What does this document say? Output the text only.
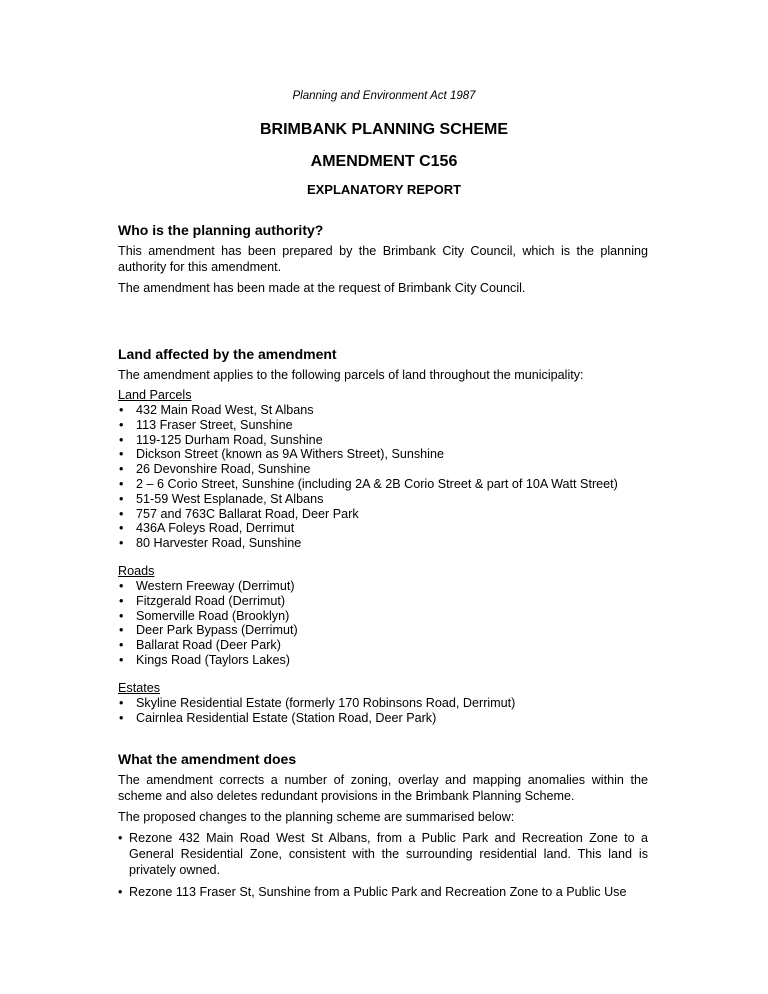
Planning and Environment Act 1987
BRIMBANK PLANNING SCHEME
AMENDMENT C156
EXPLANATORY REPORT
Who is the planning authority?

This amendment has been prepared by the Brimbank City Council, which is the planning authority for this amendment.

The amendment has been made at the request of Brimbank City Council.

Land affected by the amendment

The amendment applies to the following parcels of land throughout the municipality:

Land Parcels

• 432 Main Road West, St Albans
• 113 Fraser Street, Sunshine
• 119-125 Durham Road, Sunshine
• Dickson Street (known as 9A Withers Street), Sunshine
• 26 Devonshire Road, Sunshine
• 2 – 6 Corio Street, Sunshine (including 2A & 2B Corio Street & part of 10A Watt Street)
• 51-59 West Esplanade, St Albans
• 757 and 763C Ballarat Road, Deer Park
• 436A Foleys Road, Derrimut
• 80 Harvester Road, Sunshine

Roads

• Western Freeway (Derrimut)
• Fitzgerald Road (Derrimut)
• Somerville Road (Brooklyn)
• Deer Park Bypass (Derrimut)
• Ballarat Road (Deer Park)
• Kings Road (Taylors Lakes)

Estates

• Skyline Residential Estate (formerly 170 Robinsons Road, Derrimut)
• Cairnlea Residential Estate (Station Road, Deer Park)
What the amendment does

The amendment corrects a number of zoning, overlay and mapping anomalies within the scheme and also deletes redundant provisions in the Brimbank Planning Scheme.

The proposed changes to the planning scheme are summarised below:

• Rezone 432 Main Road West St Albans, from a Public Park and Recreation Zone to a General Residential Zone, consistent with the surrounding residential land. This land is privately owned.
• Rezone 113 Fraser St, Sunshine from a Public Park and Recreation Zone to a Public Use
